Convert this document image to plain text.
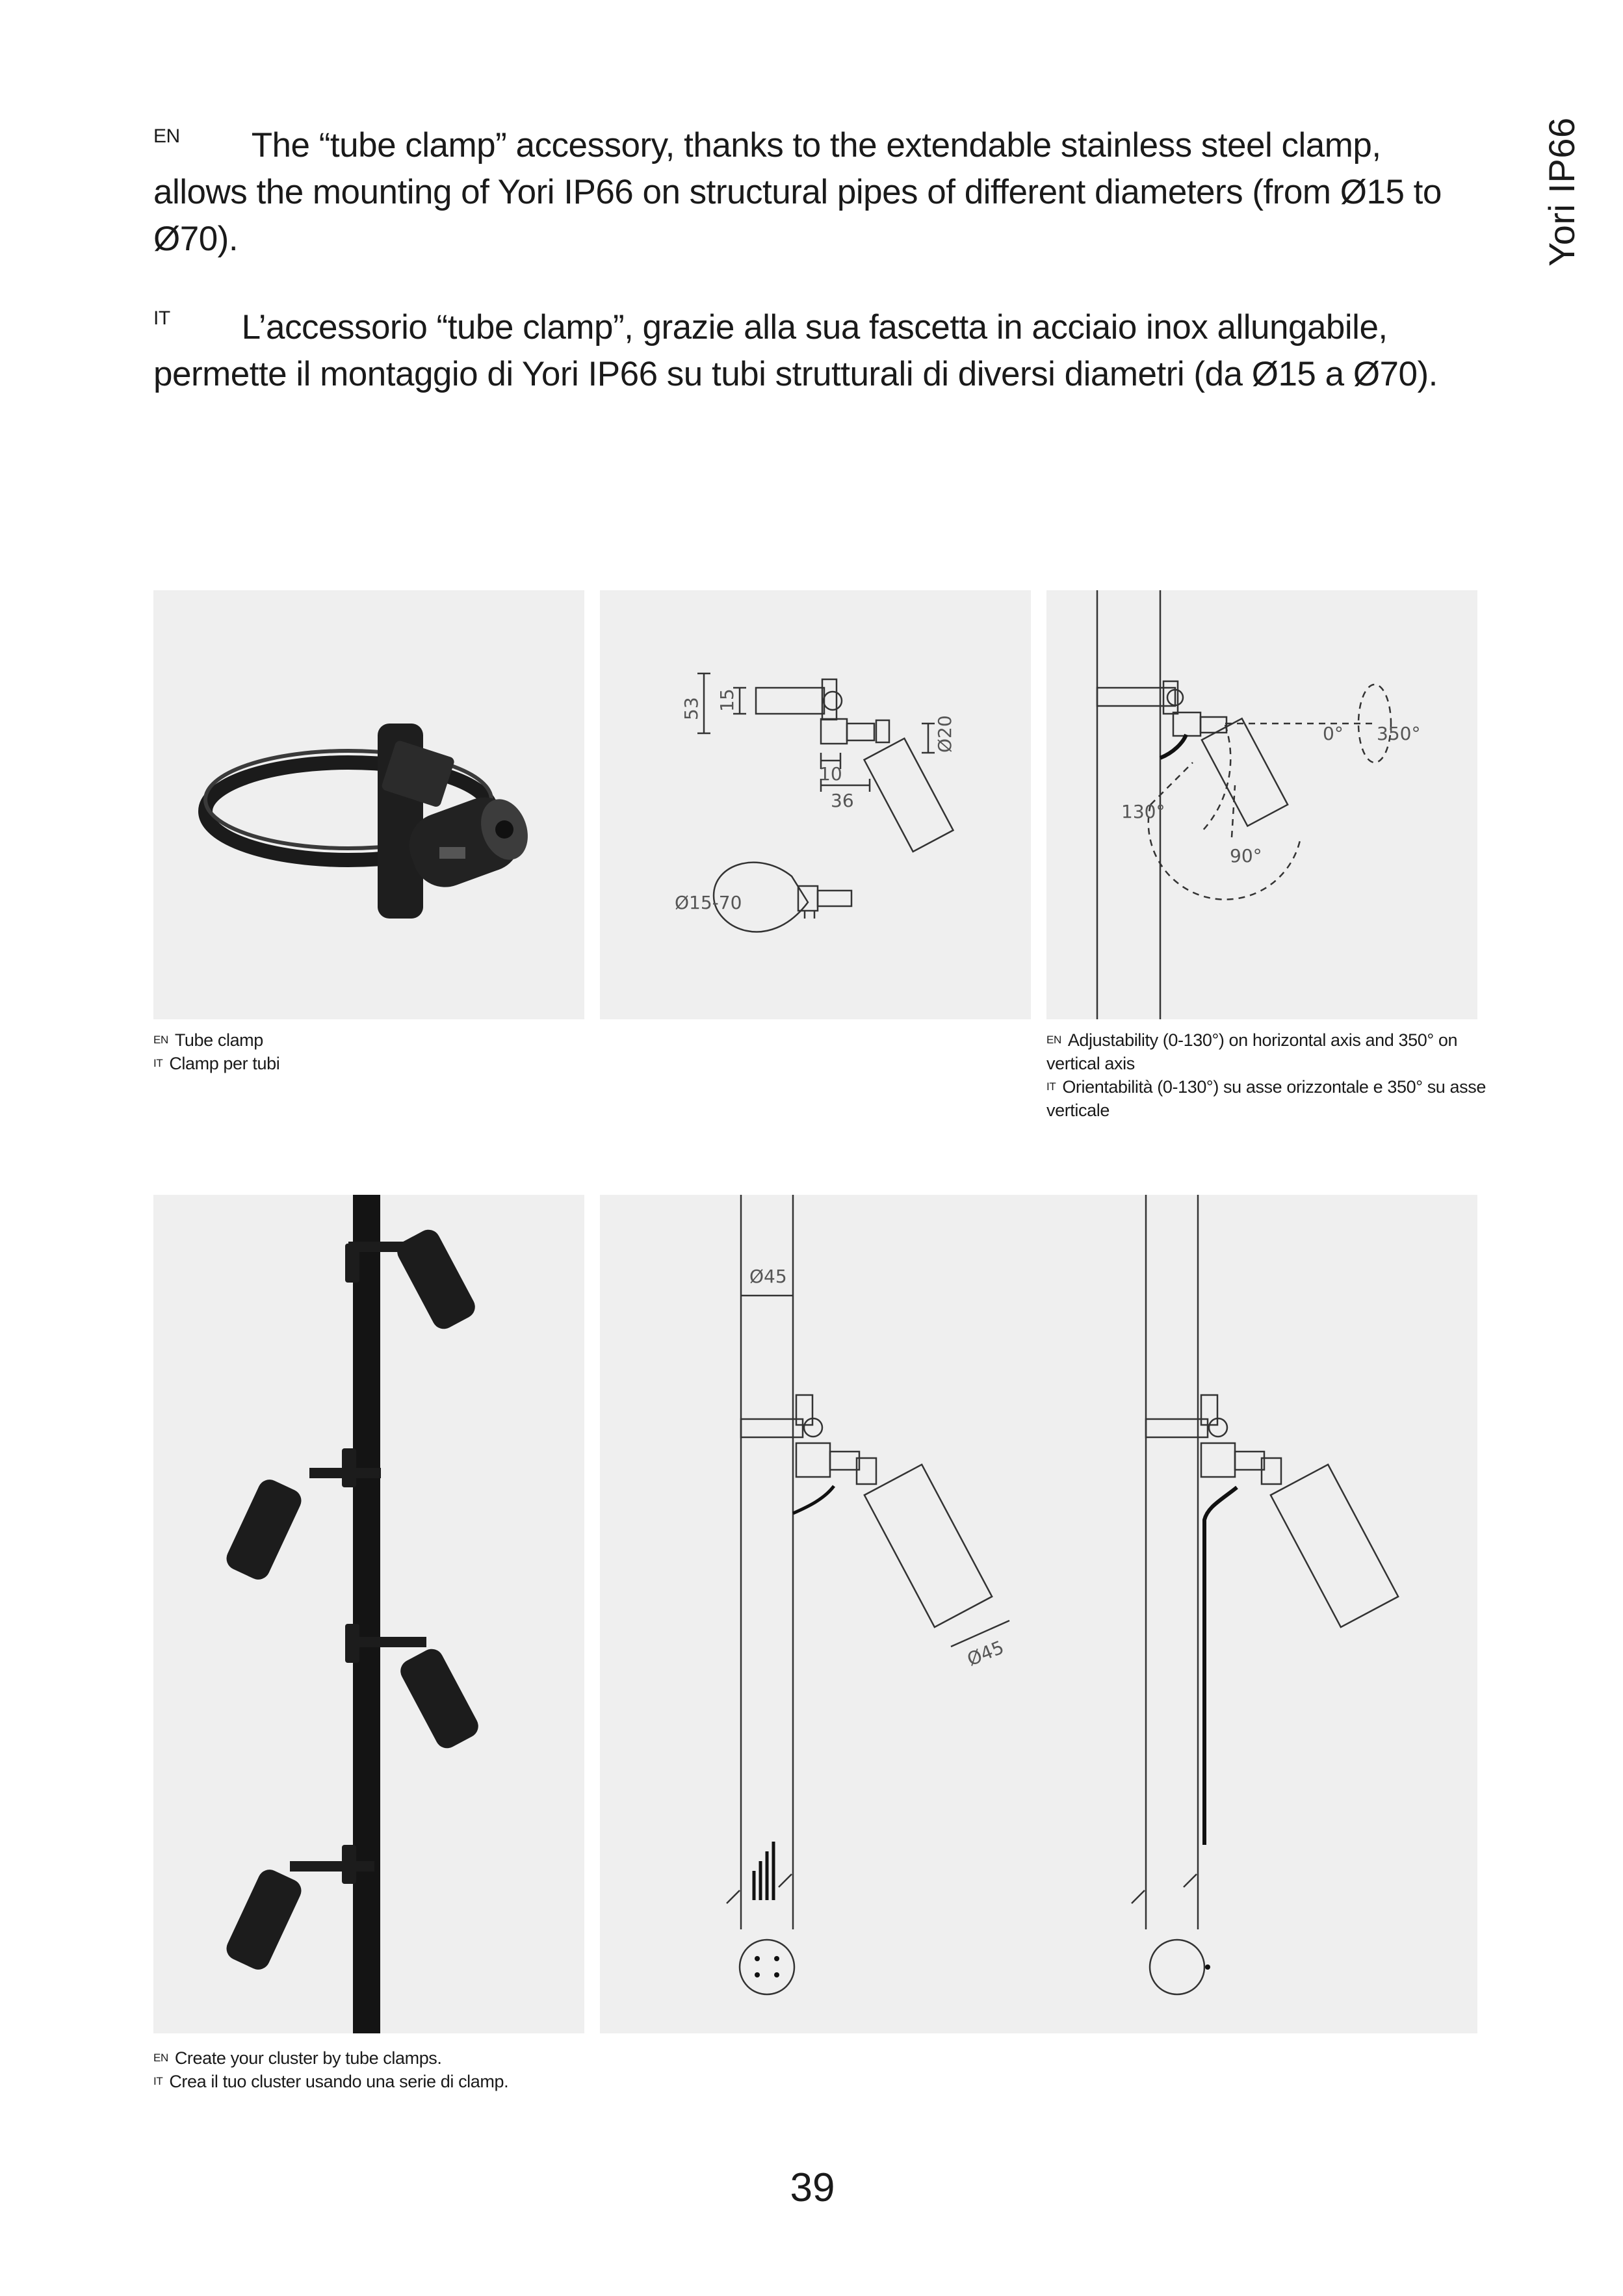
EN The “tube clamp” accessory, thanks to the extendable stainless steel clamp, allows the mounting of Yori IP66 on structural pipes of different diameters (from Ø15 to Ø70).
IT L’accessorio “tube clamp”, grazie alla sua fascetta in acciaio inox allungabile, permette il montaggio di Yori IP66 su tubi strutturali di diversi diametri (da Ø15 a Ø70).
Yori IP66
53 15
Ø20
10
36
Ø15-70
0° 350°
130°
90°
$^{EN}$ Tube clamp
$^{IT}$ Clamp per tubi
$^{EN}$ Adjustability (0-130°) on horizontal axis and 350° on vertical axis
$^{IT}$ Orientabilità (0-130°) su asse orizzontale e 350° su asse verticale
Ø45
Ø45
$^{EN}$ Create your cluster by tube clamps.
$^{IT}$ Crea il tuo cluster usando una serie di clamp.
39
